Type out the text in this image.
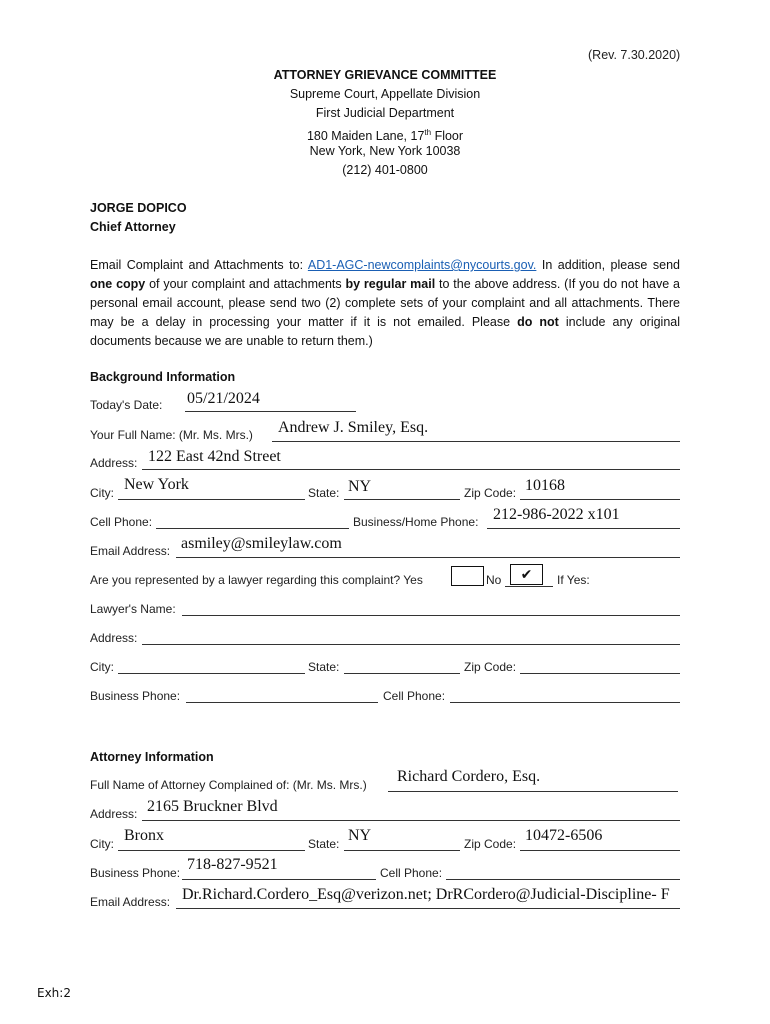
(Rev. 7.30.2020)
ATTORNEY GRIEVANCE COMMITTEE
Supreme Court, Appellate Division
First Judicial Department
180 Maiden Lane, 17th Floor
New York, New York 10038
(212) 401-0800
JORGE DOPICO
Chief Attorney
Email Complaint and Attachments to: AD1-AGC-newcomplaints@nycourts.gov. In addition, please send one copy of your complaint and attachments by regular mail to the above address. (If you do not have a personal email account, please send two (2) complete sets of your complaint and all attachments. There may be a delay in processing your matter if it is not emailed. Please do not include any original documents because we are unable to return them.)
Background Information
Today's Date: 05/21/2024
Your Full Name: (Mr. Ms. Mrs.) Andrew J. Smiley, Esq.
Address: 122 East 42nd Street
City: New York	State: NY	Zip Code: 10168
Cell Phone:	Business/Home Phone: 212-986-2022 x101
Email Address: asmiley@smileylaw.com
Are you represented by a lawyer regarding this complaint? Yes	No	✔	If Yes:
Lawyer's Name:
Address:
City:	State:	Zip Code:
Business Phone:	Cell Phone:
Attorney Information
Full Name of Attorney Complained of: (Mr. Ms. Mrs.) Richard Cordero, Esq.
Address: 2165 Bruckner Blvd
City: Bronx	State: NY	Zip Code: 10472-6506
Business Phone: 718-827-9521	Cell Phone:
Email Address: Dr.Richard.Cordero_Esq@verizon.net; DrRCordero@Judicial-Discipline- F
Exh:2
